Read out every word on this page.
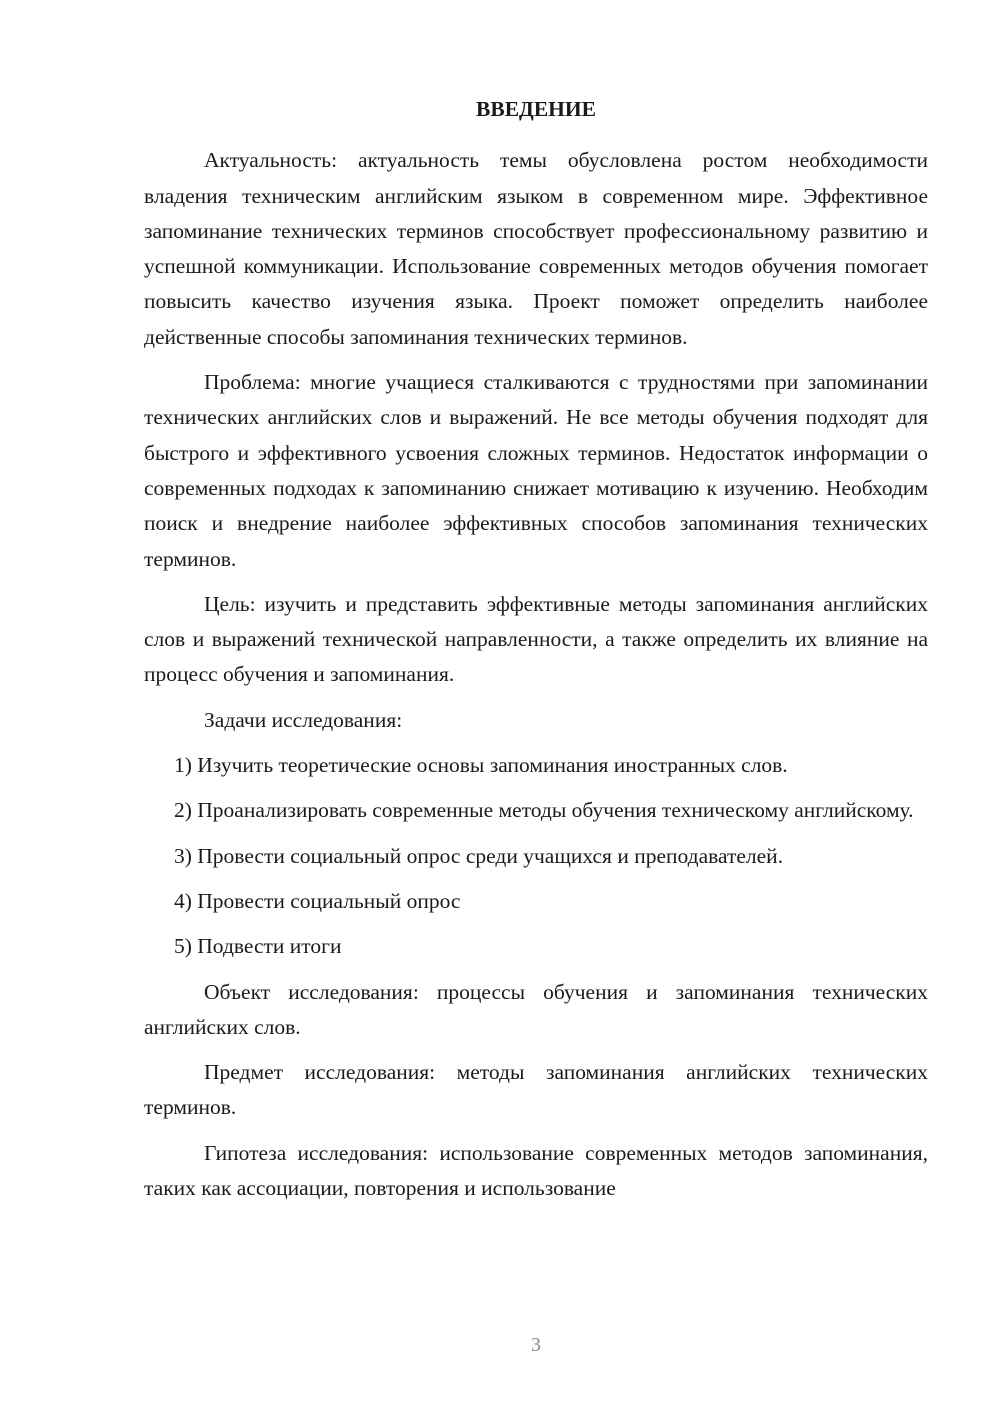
ВВЕДЕНИЕ

Актуальность: актуальность темы обусловлена ростом необходимости владения техническим английским языком в современном мире. Эффективное запоминание технических терминов способствует профессиональному развитию и успешной коммуникации. Использование современных методов обучения помогает повысить качество изучения языка. Проект поможет определить наиболее действенные способы запоминания технических терминов.

Проблема: многие учащиеся сталкиваются с трудностями при запоминании технических английских слов и выражений. Не все методы обучения подходят для быстрого и эффективного усвоения сложных терминов. Недостаток информации о современных подходах к запоминанию снижает мотивацию к изучению. Необходим поиск и внедрение наиболее эффективных способов запоминания технических терминов.

Цель: изучить и представить эффективные методы запоминания английских слов и выражений технической направленности, а также определить их влияние на процесс обучения и запоминания.

Задачи исследования:

1) Изучить теоретические основы запоминания иностранных слов.

2) Проанализировать современные методы обучения техническому английскому.

3) Провести социальный опрос среди учащихся и преподавателей.

4) Провести социальный опрос

5) Подвести итоги

Объект исследования: процессы обучения и запоминания технических английских слов.

Предмет исследования: методы запоминания английских технических терминов.

Гипотеза исследования: использование современных методов запоминания, таких как ассоциации, повторения и использование

3
